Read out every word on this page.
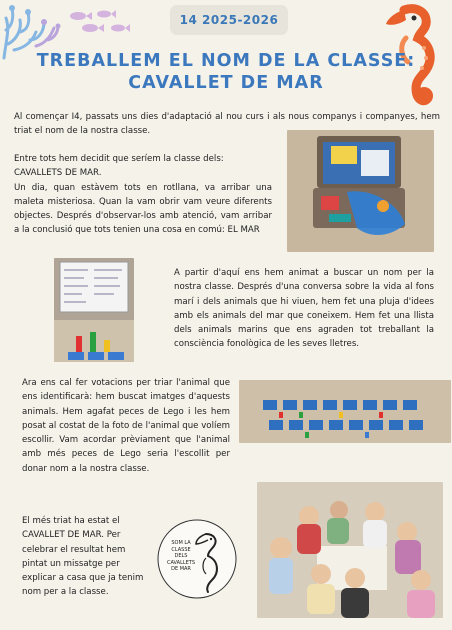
14 2025-2026
TREBALLEM EL NOM DE LA CLASSE:
CAVALLET DE MAR

Al començar I4, passats uns dies d'adaptació al nou curs i als nous companys i companyes, hem triat el nom de la nostra classe.

Entre tots hem decidit que seríem la classe dels:

CAVALLETS DE MAR.

Un dia, quan estàvem tots en rotllana, va arribar una maleta misteriosa. Quan la vam obrir vam veure diferents objectes. Després d'observar-los amb atenció, vam arribar a la conclusió que tots tenien una cosa en comú: EL MAR

A partir d'aquí ens hem animat a buscar un nom per la nostra classe. Després d'una conversa sobre la vida al fons marí i dels animals que hi viuen, hem fet una pluja d'idees amb els animals del mar que coneixem. Hem fet una llista dels animals marins que ens agraden tot treballant la consciència fonològica de les seves lletres.

Ara ens cal fer votacions per triar l'animal que ens identificarà: hem buscat imatges d'aquests animals. Hem agafat peces de Lego i les hem posat al costat de la foto de l'animal que volíem escollir. Vam acordar prèviament que l'animal amb més peces de Lego seria l'escollit per donar nom a la nostra classe.

El més triat ha estat el CAVALLET DE MAR. Per celebrar el resultat hem pintat un missatge per explicar a casa que ja tenim nom per a la classe.

SOM LA
CLASSE
DELS
CAVALLETS
DE MAR
